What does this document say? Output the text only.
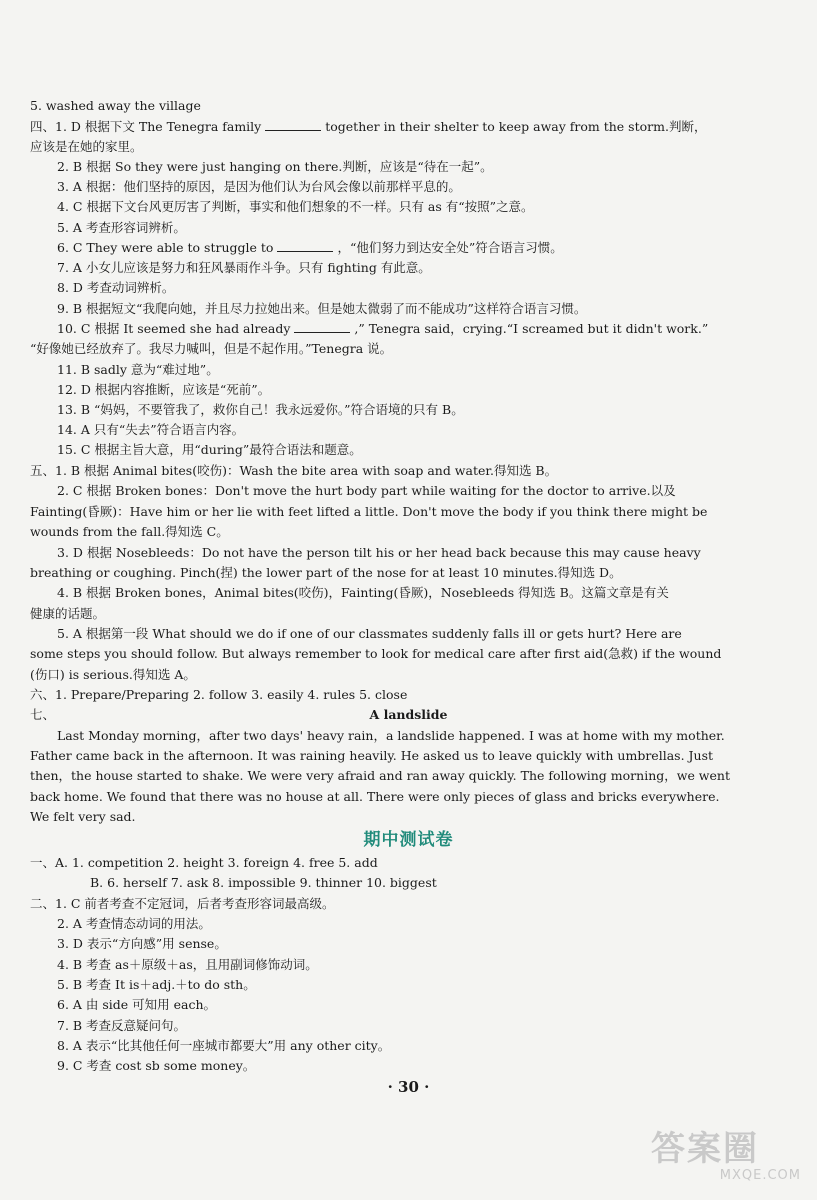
5. washed away the village
四、1. D 根据下文 The Tenegra family	together in their shelter to keep away from the storm.判断，
应该是在她的家里。
2. B 根据 So they were just hanging on there.判断，应该是“待在一起”。
3. A 根据：他们坚持的原因，是因为他们认为台风会像以前那样平息的。
4. C 根据下文台风更厉害了判断，事实和他们想象的不一样。只有 as 有“按照”之意。
5. A 考查形容词辨析。
6. C They were able to struggle to	，“他们努力到达安全处”符合语言习惯。
7. A 小女儿应该是努力和狂风暴雨作斗争。只有 fighting 有此意。
8. D 考查动词辨析。
9. B 根据短文“我爬向她，并且尽力拉她出来。但是她太微弱了而不能成功”这样符合语言习惯。
10. C 根据 It seemed she had already	,” Tenegra said，crying.“I screamed but it didn't work.”
“好像她已经放弃了。我尽力喊叫，但是不起作用。”Tenegra 说。
11. B sadly 意为“难过地”。
12. D 根据内容推断，应该是“死前”。
13. B “妈妈，不要管我了，救你自己！我永远爱你。”符合语境的只有 B。
14. A 只有“失去”符合语言内容。
15. C 根据主旨大意，用“during”最符合语法和题意。
五、1. B 根据 Animal bites(咬伤)：Wash the bite area with soap and water.得知选 B。
2. C 根据 Broken bones：Don't move the hurt body part while waiting for the doctor to arrive.以及
Fainting(昏厥)：Have him or her lie with feet lifted a little. Don't move the body if you think there might be
wounds from the fall.得知选 C。
3. D 根据 Nosebleeds：Do not have the person tilt his or her head back because this may cause heavy
breathing or coughing. Pinch(捏) the lower part of the nose for at least 10 minutes.得知选 D。
4. B 根据 Broken bones，Animal bites(咬伤)，Fainting(昏厥)，Nosebleeds 得知选 B。这篇文章是有关
健康的话题。
5. A 根据第一段 What should we do if one of our classmates suddenly falls ill or gets hurt? Here are
some steps you should follow. But always remember to look for medical care after first aid(急救) if the wound
(伤口) is serious.得知选 A。
六、1. Prepare/Preparing 2. follow 3. easily 4. rules 5. close
七、
Last Monday morning，after two days' heavy rain，a landslide happened. I was at home with my mother.
Father came back in the afternoon. It was raining heavily. He asked us to leave quickly with umbrellas. Just
then，the house started to shake. We were very afraid and ran away quickly. The following morning，we went
back home. We found that there was no house at all. There were only pieces of glass and bricks everywhere.
We felt very sad.
一、A. 1. competition 2. height 3. foreign 4. free 5. add
B. 6. herself 7. ask 8. impossible 9. thinner 10. biggest
二、1. C 前者考查不定冠词，后者考查形容词最高级。
2. A 考查情态动词的用法。
3. D 表示“方向感”用 sense。
4. B 考查 as＋原级＋as，且用副词修饰动词。
5. B 考查 It is＋adj.＋to do sth。
6. A 由 side 可知用 each。
7. B 考查反意疑问句。
8. A 表示“比其他任何一座城市都要大”用 any other city。
9. C 考查 cost sb some money。
A landslide
期中测试卷
· 30 ·
答案圈
MXQE.COM
